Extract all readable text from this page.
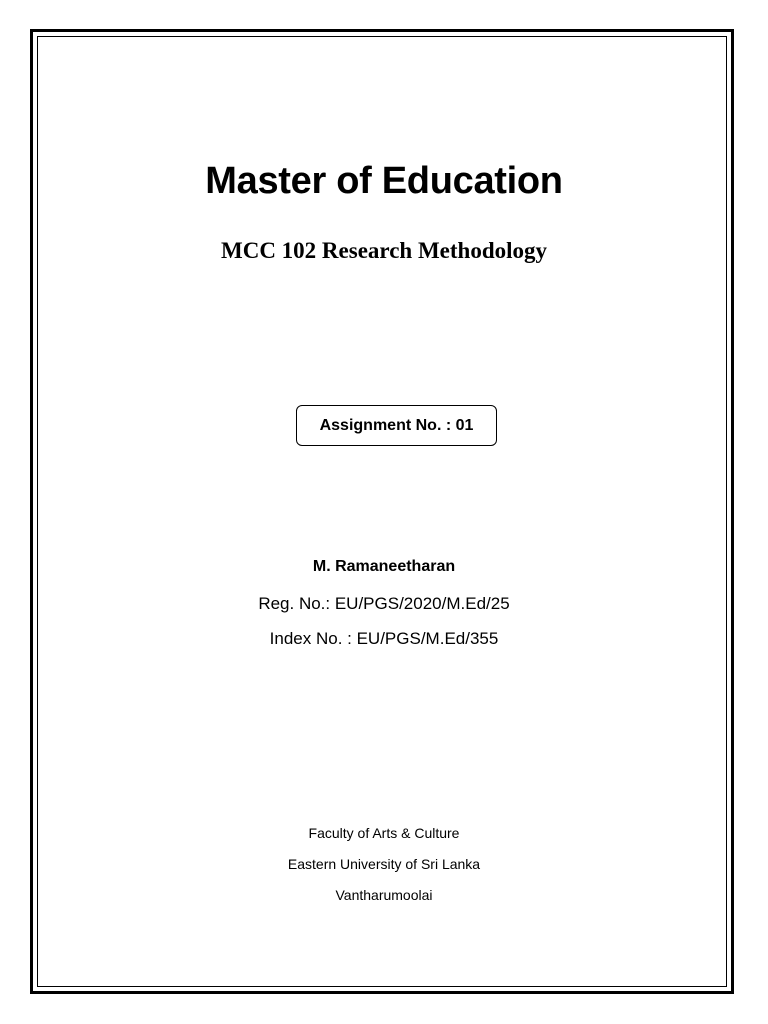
Master of Education
MCC 102 Research Methodology
Assignment No. : 01
M. Ramaneetharan
Reg. No.: EU/PGS/2020/M.Ed/25
Index No. : EU/PGS/M.Ed/355
Faculty of Arts & Culture
Eastern University of Sri Lanka
Vantharumoolai
